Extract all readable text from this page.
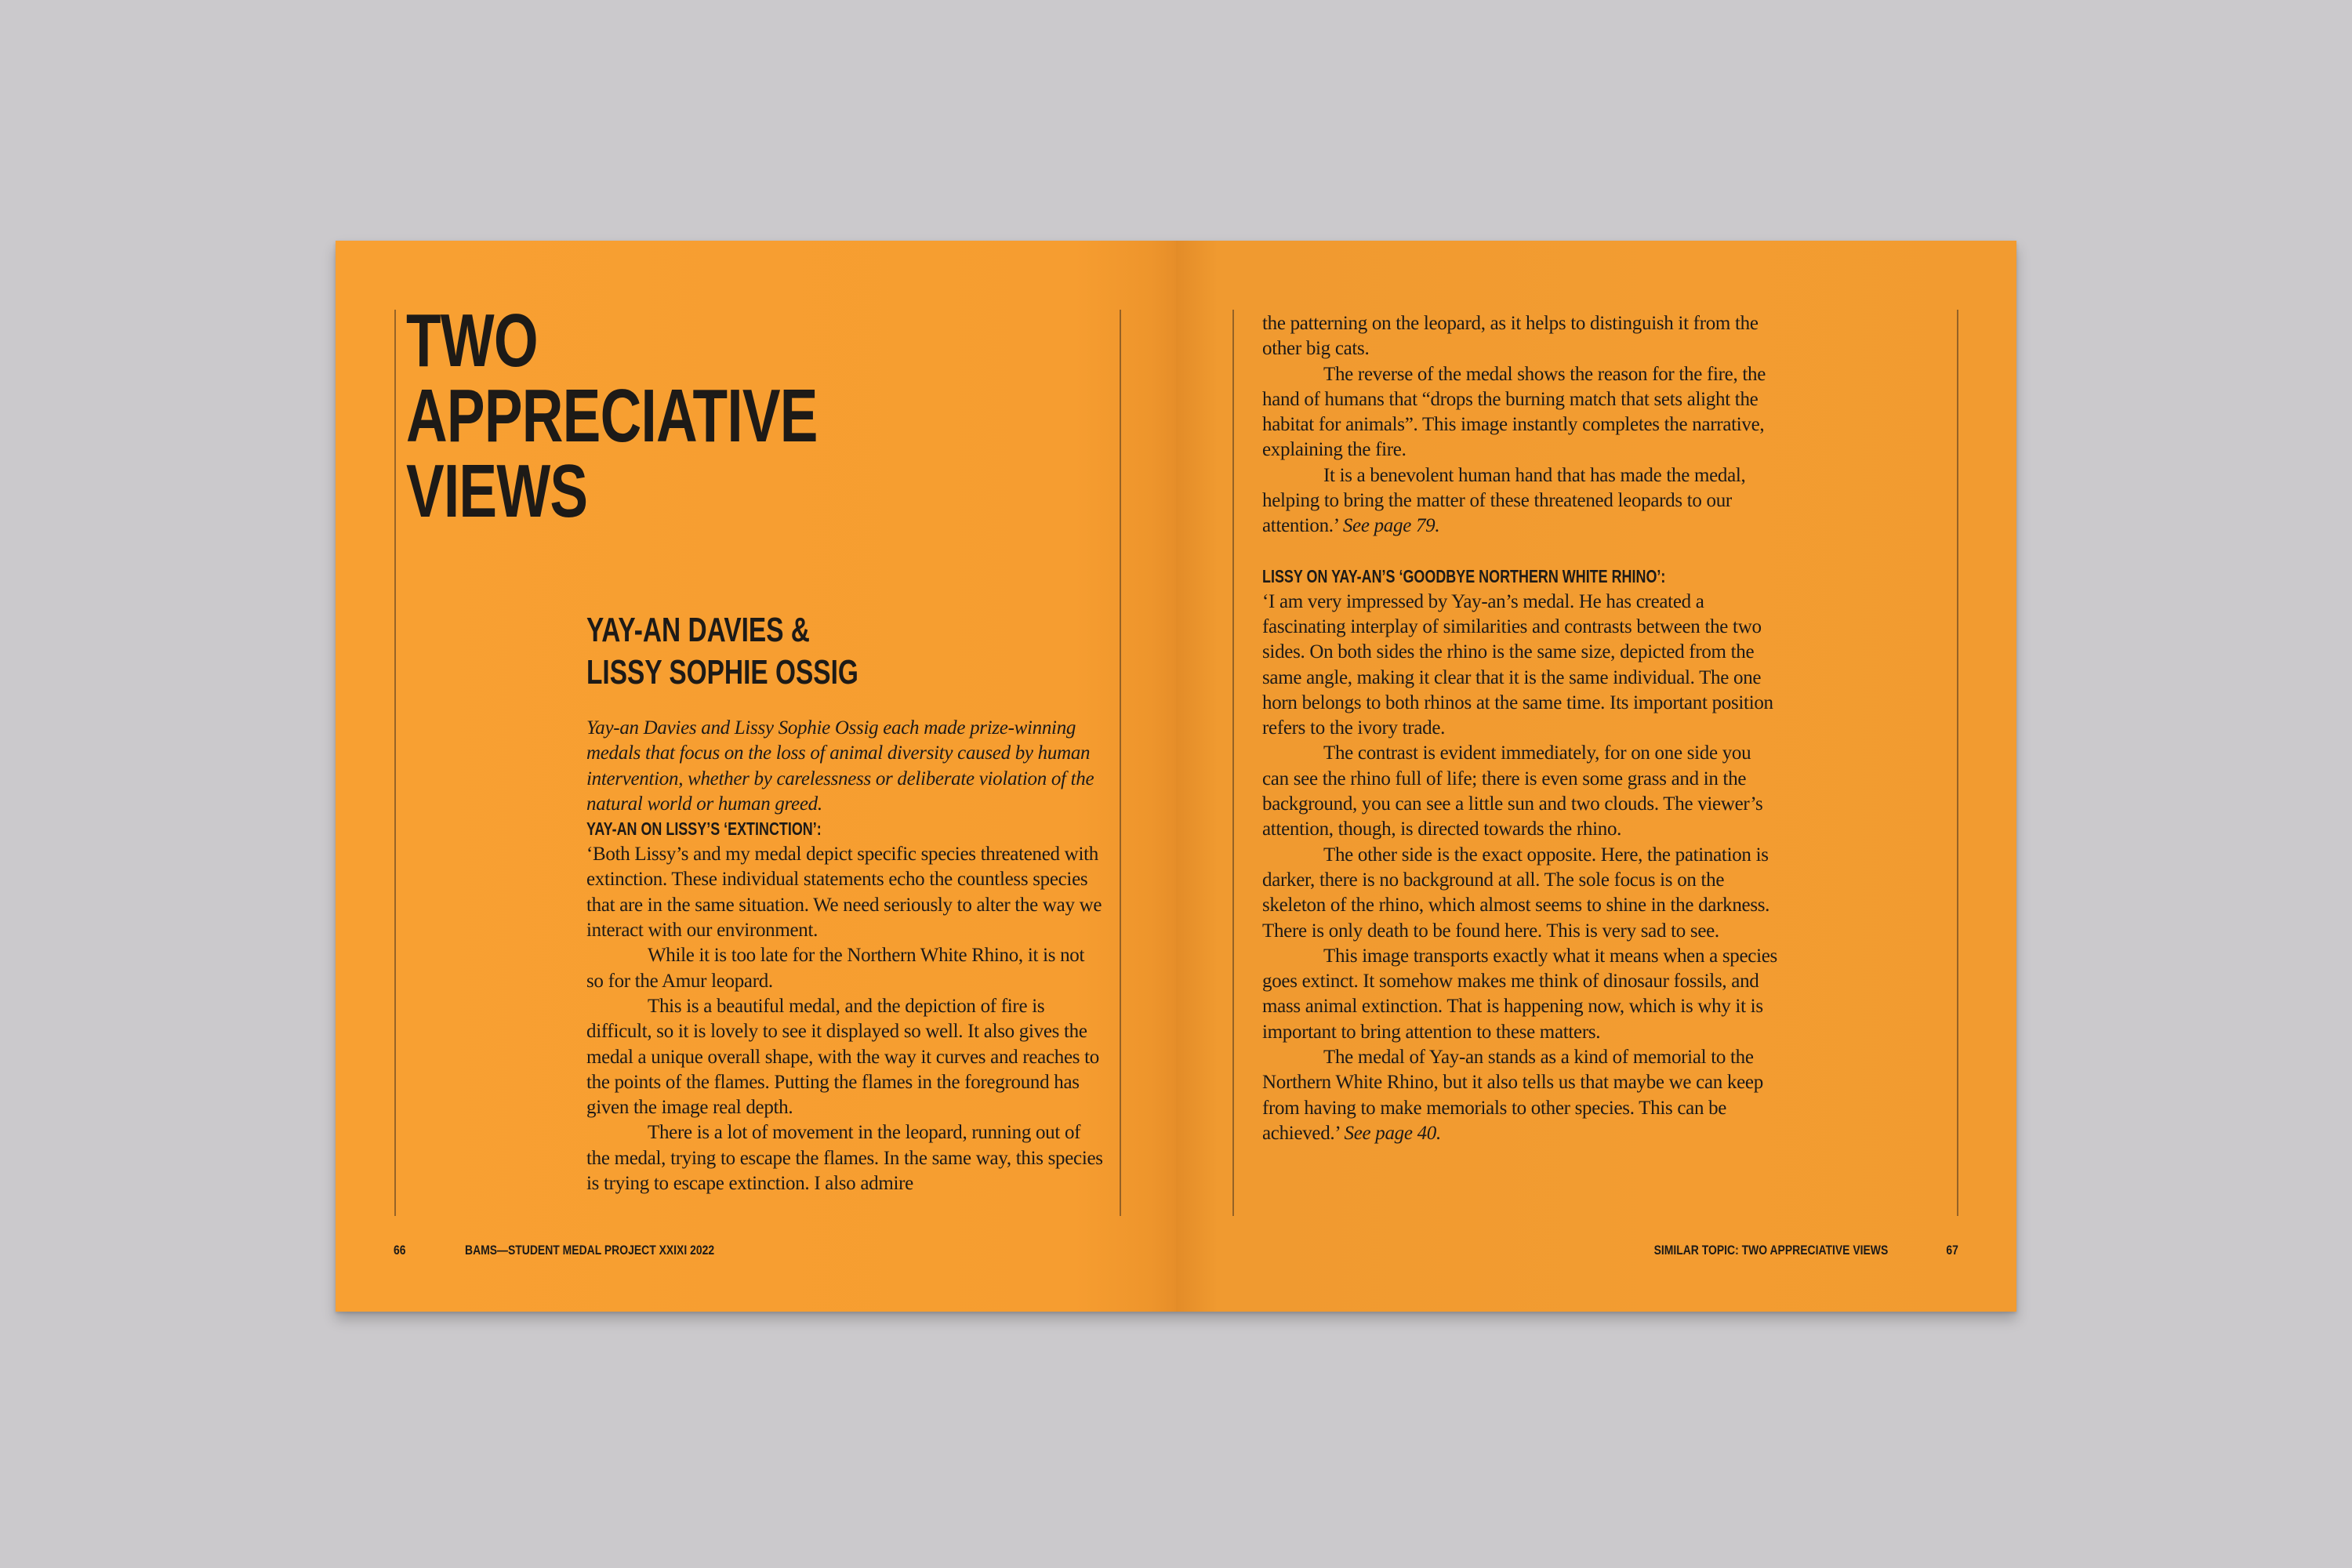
TWO
APPRECIATIVE
VIEWS
YAY-AN DAVIES &
LISSY SOPHIE OSSIG

Yay-an Davies and Lissy Sophie Ossig each made prize-winning medals that focus on the loss of animal diversity caused by human intervention, whether by carelessness or deliberate violation of the natural world or human greed.

YAY-AN ON LISSY’S ‘EXTINCTION’:

‘Both Lissy’s and my medal depict specific species threatened with extinction. These individual statements echo the countless species that are in the same situation. We need seriously to alter the way we interact with our environment.

While it is too late for the Northern White Rhino, it is not so for the Amur leopard.

This is a beautiful medal, and the depiction of fire is difficult, so it is lovely to see it displayed so well. It also gives the medal a unique overall shape, with the way it curves and reaches to the points of the flames. Putting the flames in the foreground has given the image real depth.

There is a lot of movement in the leopard, running out of the medal, trying to escape the flames. In the same way, this species is trying to escape extinction. I also admire

66	BAMS—STUDENT MEDAL PROJECT XXIXI 2022

the patterning on the leopard, as it helps to distinguish it from the other big cats.

The reverse of the medal shows the reason for the fire, the hand of humans that “drops the burning match that sets alight the habitat for animals”. This image instantly completes the narrative, explaining the fire.

It is a benevolent human hand that has made the medal, helping to bring the matter of these threatened leopards to our attention.’ See page 79.

LISSY ON YAY-AN’S ‘GOODBYE NORTHERN WHITE RHINO’:

‘I am very impressed by Yay-an’s medal. He has created a fascinating interplay of similarities and contrasts between the two sides. On both sides the rhino is the same size, depicted from the same angle, making it clear that it is the same individual. The one horn belongs to both rhinos at the same time. Its important position refers to the ivory trade.

The contrast is evident immediately, for on one side you can see the rhino full of life; there is even some grass and in the background, you can see a little sun and two clouds. The viewer’s attention, though, is directed towards the rhino.

The other side is the exact opposite. Here, the patination is darker, there is no background at all. The sole focus is on the skeleton of the rhino, which almost seems to shine in the darkness. There is only death to be found here. This is very sad to see.

This image transports exactly what it means when a species goes extinct. It somehow makes me think of dinosaur fossils, and mass animal extinction. That is happening now, which is why it is important to bring attention to these matters.

The medal of Yay-an stands as a kind of memorial to the Northern White Rhino, but it also tells us that maybe we can keep from having to make memorials to other species. This can be achieved.’ See page 40.

SIMILAR TOPIC: TWO APPRECIATIVE VIEWS	67
